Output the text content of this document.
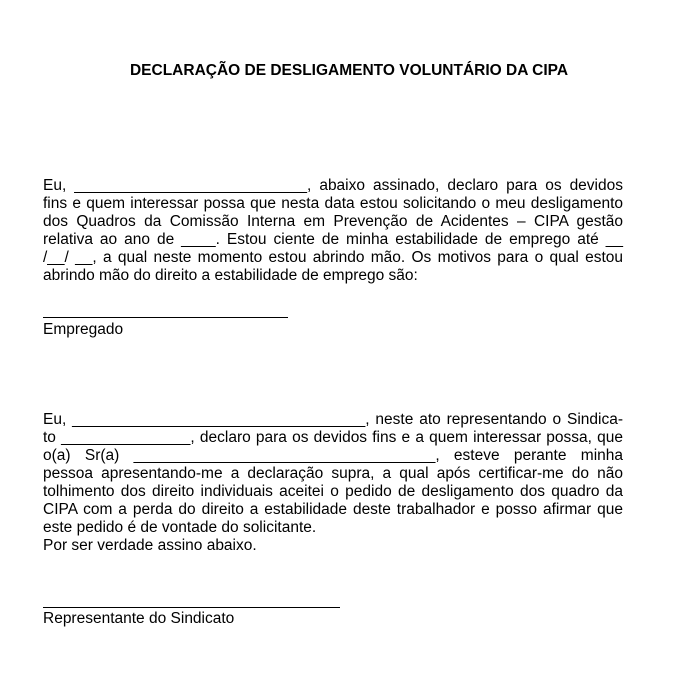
DECLARAÇÃO DE DESLIGAMENTO VOLUNTÁRIO DA CIPA
Eu, ___________________________, abaixo assinado, declaro para os devidos
fins e quem interessar possa que nesta data estou solicitando o meu desligamento
dos Quadros da Comissão Interna em Prevenção de Acidentes – CIPA gestão
relativa ao ano de ____. Estou ciente de minha estabilidade de emprego até __
/__/ __, a qual neste momento estou abrindo mão. Os motivos para o qual estou
abrindo mão do direito a estabilidade de emprego são:
Empregado
Eu, __________________________________, neste ato representando o Sindica-
to _______________, declaro para os devidos fins e a quem interessar possa, que
o(a) Sr(a) ___________________________________, esteve perante minha
pessoa apresentando-me a declaração supra, a qual após certificar-me do não
tolhimento dos direito individuais aceitei o pedido de desligamento dos quadro da
CIPA com a perda do direito a estabilidade deste trabalhador e posso afirmar que
este pedido é de vontade do solicitante.
Por ser verdade assino abaixo.
Representante do Sindicato
